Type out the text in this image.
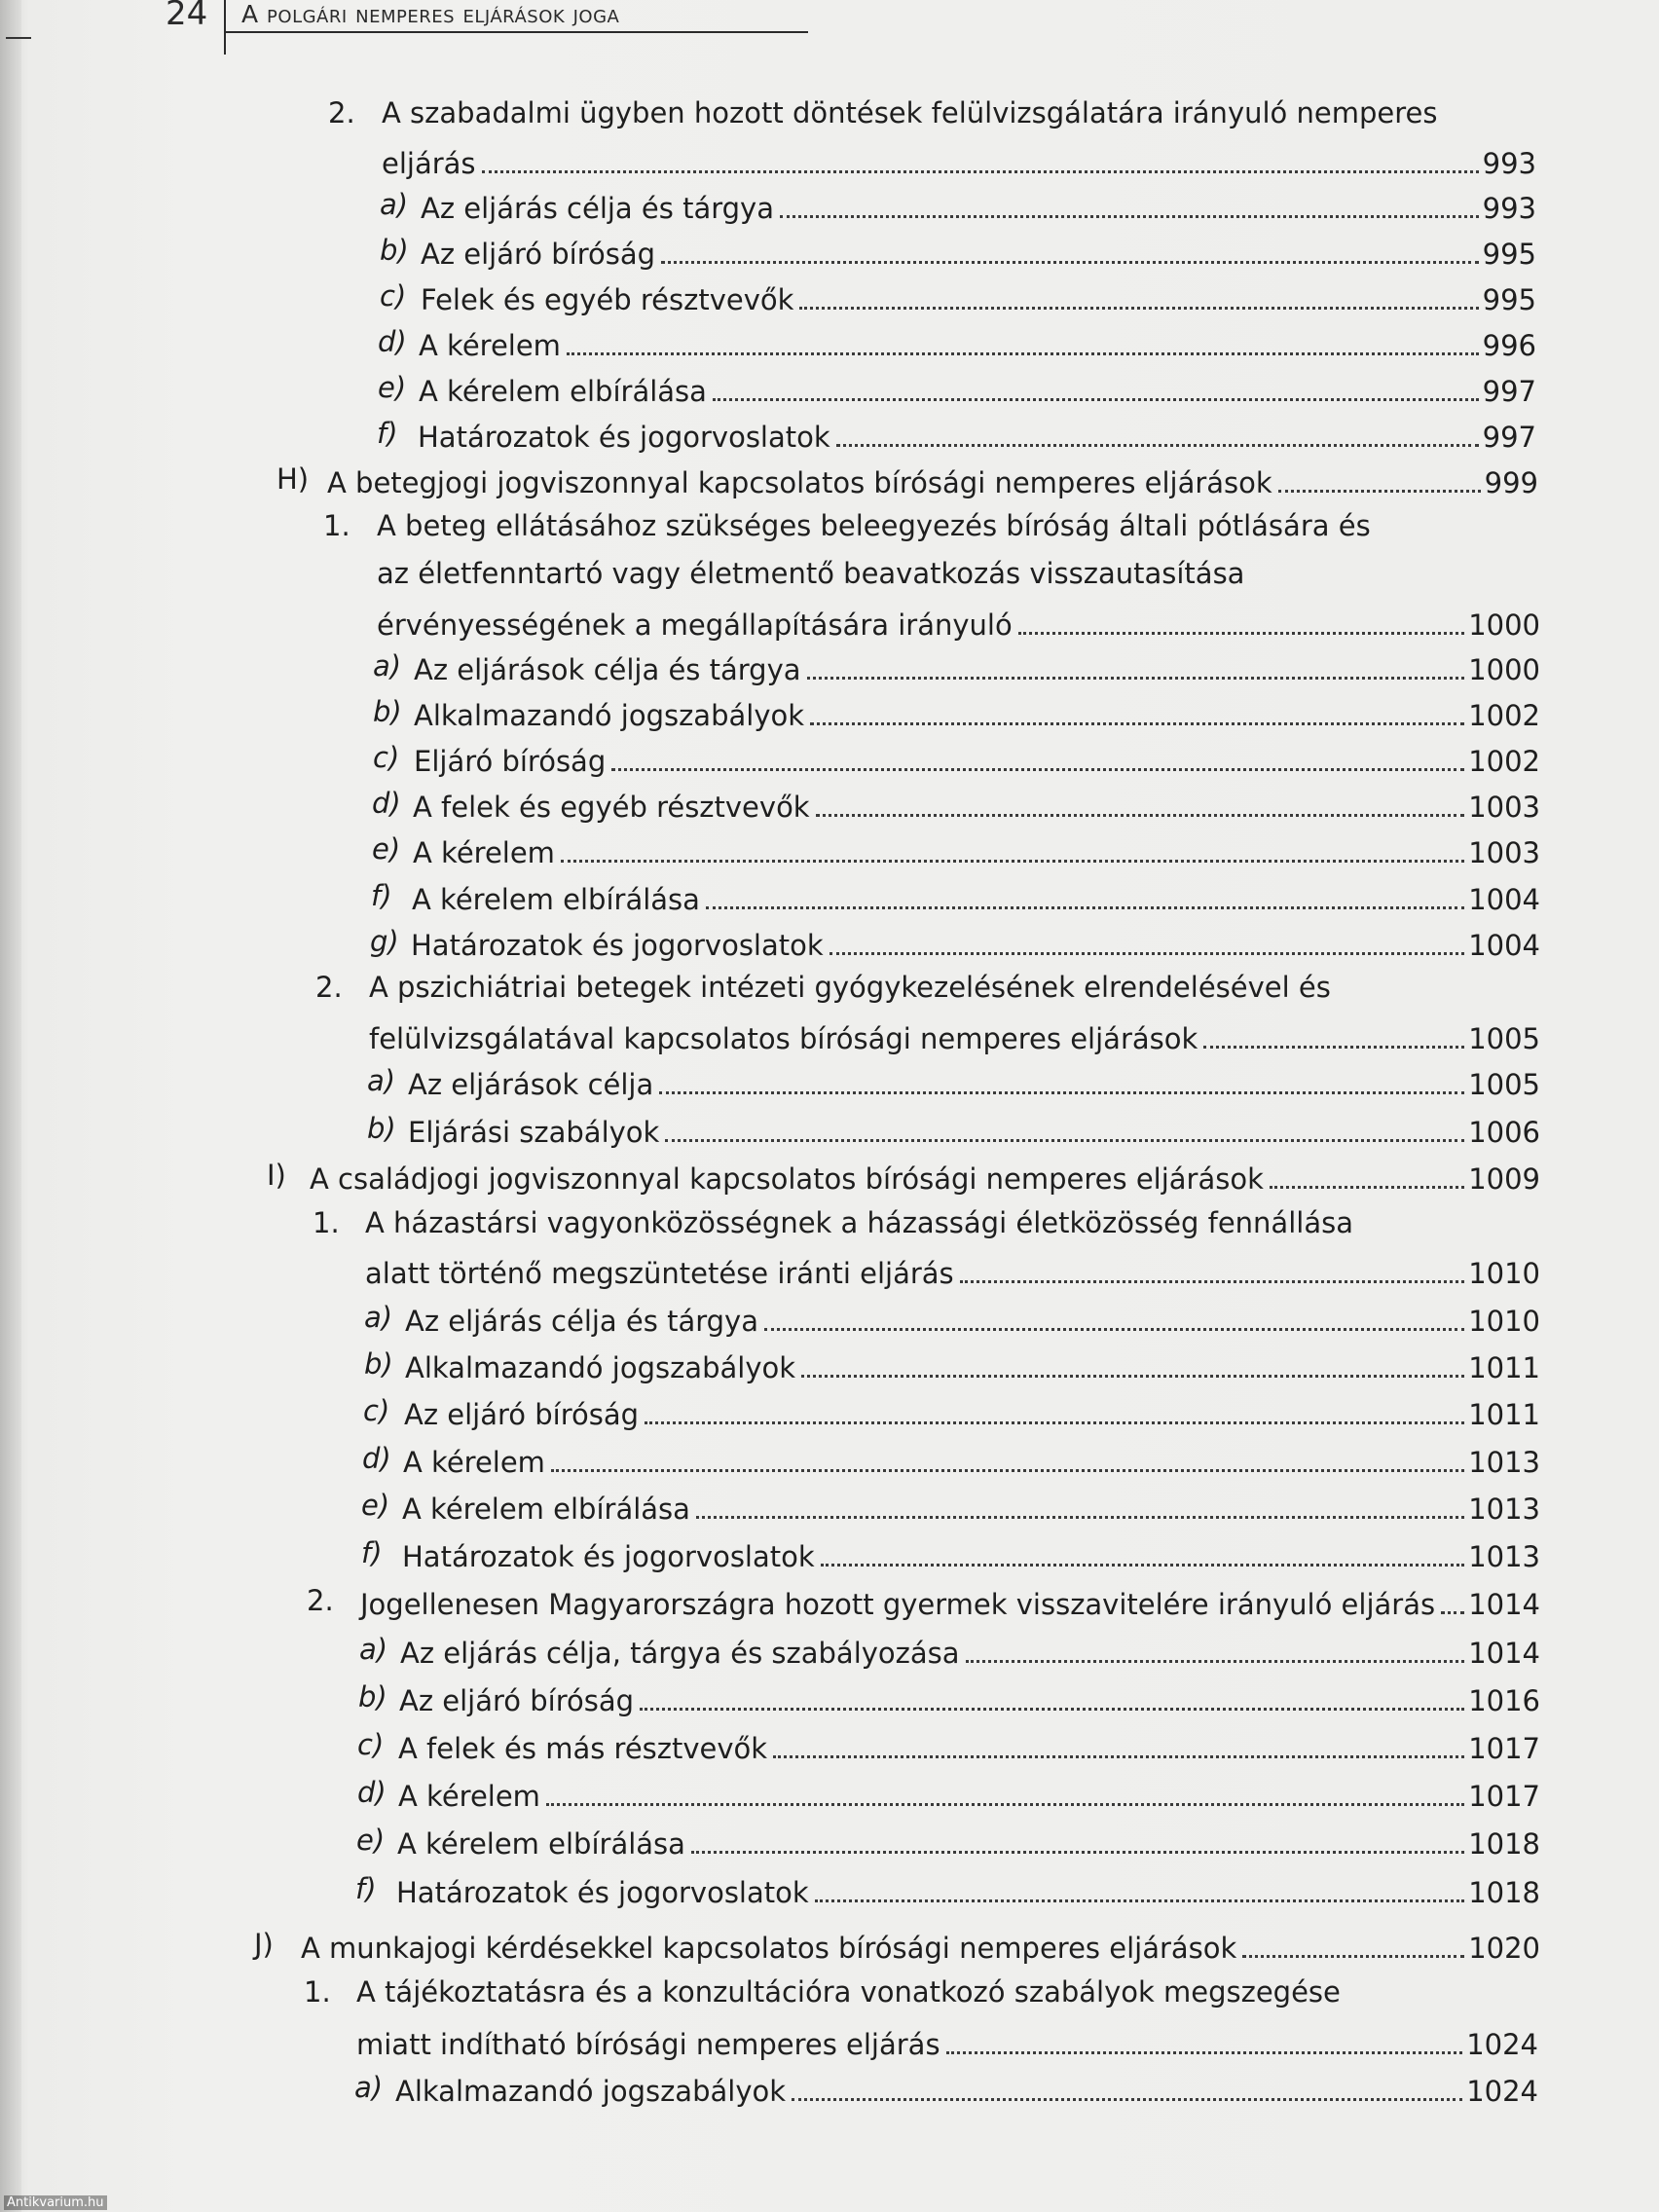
24 A polgári nemperes eljárások joga
2. A szabadalmi ügyben hozott döntések felülvizsgálatára irányuló nemperes
eljárás	993
a) Az eljárás célja és tárgya	993
b) Az eljáró bíróság	995
c) Felek és egyéb résztvevők	995
d) A kérelem	996
e) A kérelem elbírálása	997
f) Határozatok és jogorvoslatok	997
H) A betegjogi jogviszonnyal kapcsolatos bírósági nemperes eljárások	999
1. A beteg ellátásához szükséges beleegyezés bíróság általi pótlására és
az életfenntartó vagy életmentő beavatkozás visszautasítása
érvényességének a megállapítására irányuló	1000
a) Az eljárások célja és tárgya	1000
b) Alkalmazandó jogszabályok	1002
c) Eljáró bíróság	1002
d) A felek és egyéb résztvevők	1003
e) A kérelem	1003
f) A kérelem elbírálása	1004
g) Határozatok és jogorvoslatok	1004
2. A pszichiátriai betegek intézeti gyógykezelésének elrendelésével és
felülvizsgálatával kapcsolatos bírósági nemperes eljárások	1005
a) Az eljárások célja	1005
b) Eljárási szabályok	1006
I) A családjogi jogviszonnyal kapcsolatos bírósági nemperes eljárások	1009
1. A házastársi vagyonközösségnek a házassági életközösség fennállása
alatt történő megszüntetése iránti eljárás	1010
a) Az eljárás célja és tárgya	1010
b) Alkalmazandó jogszabályok	1011
c) Az eljáró bíróság	1011
d) A kérelem	1013
e) A kérelem elbírálása	1013
f) Határozatok és jogorvoslatok	1013
2. Jogellenesen Magyarországra hozott gyermek visszavitelére irányuló eljárás 1014
a) Az eljárás célja, tárgya és szabályozása	1014
b) Az eljáró bíróság	1016
c) A felek és más résztvevők	1017
d) A kérelem	1017
e) A kérelem elbírálása	1018
f) Határozatok és jogorvoslatok	1018
J) A munkajogi kérdésekkel kapcsolatos bírósági nemperes eljárások	1020
1. A tájékoztatásra és a konzultációra vonatkozó szabályok megszegése
miatt indítható bírósági nemperes eljárás	1024
a) Alkalmazandó jogszabályok	1024
Antikvarium.hu
